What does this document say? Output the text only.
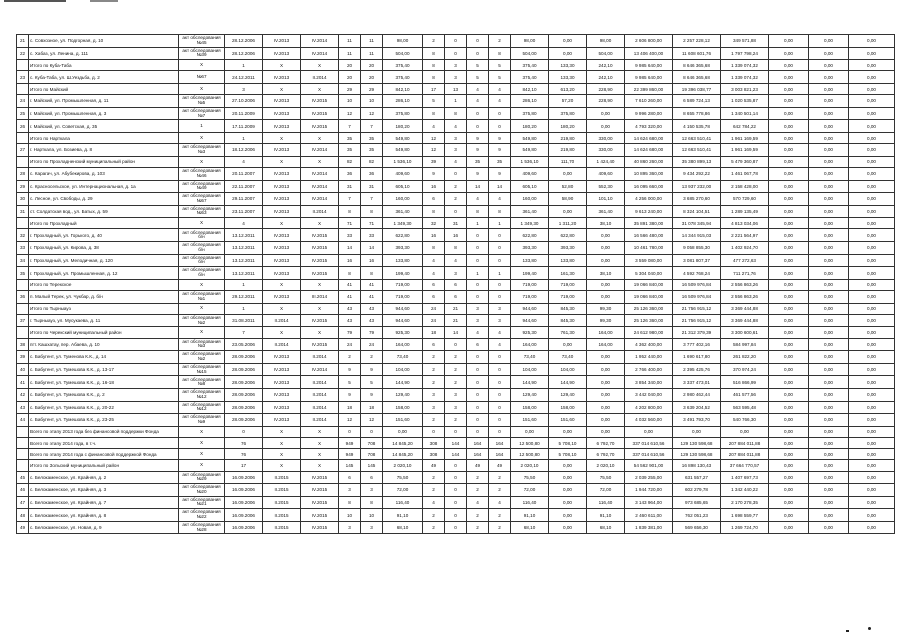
21	с. Совхозное, ул. Подгорная, д. 10	акт обследования №45	28.12.2006	IV.2013	IV.2014	11	11	98,00	2	0	0	2	98,00	0,00	98,00	2 606 800,00	2 257 228,12	349 571,88	0,00	0,00	0,00
22	с. Хабаз, ул. Ленина, д. 111	акт обследования №39	28.12.2006	IV.2013	IV.2014	11	11	504,00	8	0	0	8	504,00	0,00	504,00	13 406 400,00	11 608 601,76	1 797 798,24	0,00	0,00	0,00
	Итого по Куба-Таба	X	1	X	X	20	20	375,40	8	3	5	5	375,40	133,30	242,10	9 985 640,00	8 646 365,68	1 339 074,32	0,00	0,00	0,00
23	с. Куба-Таба, ул. Ш.Уездьба, д. 2	№67	24.12.2011	IV.2013	II.2014	20	20	375,40	8	3	5	5	375,40	133,30	242,10	9 985 640,00	8 646 365,68	1 339 074,32	0,00	0,00	0,00
	Итого по Майский	X	3	X	X	29	29	842,10	17	13	4	4	842,10	613,20	228,90	22 399 860,00	19 396 038,77	3 003 821,23	0,00	0,00	0,00
24	г. Майский, ул. Промышленная, д. 11	акт обследования №5	27.10.2006	IV.2013	IV.2015	10	10	286,10	5	1	4	4	286,10	57,20	228,90	7 610 260,00	6 589 724,13	1 020 535,87	0,00	0,00	0,00
25	г. Майский, ул. Промышленная, д. 3	акт обследования №7	20.11.2009	IV.2013	IV.2015	12	12	375,80	8	8	0	0	375,80	375,80	0,00	9 996 280,00	8 655 778,86	1 340 501,14	0,00	0,00	0,00
26	г. Майский, ул. Советская, д. 35	1	17.11.2009	IV.2013	IV.2015	7	7	180,20	4	4	0	0	180,20	180,20	0,00	4 793 320,00	4 150 535,78	642 784,22	0,00	0,00	0,00
	Итого по Нарткала	X	1	X	X	35	35	549,80	12	3	9	9	549,80	219,80	330,00	14 624 680,00	12 663 510,41	1 961 169,59	0,00	0,00	0,00
27	г. Нарткала, ул. Бозиева, д. 8	акт обследования №3	18.12.2006	IV.2013	IV.2014	35	35	549,80	12	3	9	9	549,80	219,80	330,00	14 624 680,00	12 663 510,41	1 961 169,59	0,00	0,00	0,00
	Итого по Прохладненский муниципальный район	X	4	X	X	82	82	1 536,10	39	4	35	35	1 536,10	111,70	1 424,40	40 860 260,00	35 380 899,13	5 479 360,87	0,00	0,00	0,00
28	с. Карагач, ул. Абубекирова, д. 103	акт обследования №46	20.11.2007	IV.2013	IV.2014	36	36	409,60	9	0	9	9	409,60	0,00	409,60	10 895 360,00	9 434 292,22	1 461 067,78	0,00	0,00	0,00
29	с. Красносельское, ул. Интернациональная, д. 1а	акт обследования №49	22.11.2007	IV.2013	IV.2014	31	31	605,10	16	2	14	14	605,10	52,80	552,30	16 095 660,00	13 937 232,00	2 158 428,00	0,00	0,00	0,00
30	с. Лесное, ул. Свободы, д. 29	акт обследования №57	29.11.2007	IV.2013	IV.2014	7	7	160,00	6	2	4	4	160,00	58,90	101,10	4 256 000,00	3 685 270,60	570 729,60	0,00	0,00	0,00
31	ст. Солдатская вод., ул. Батых, д. 59	акт обследования №53	23.11.2007	IV.2013	II.2014	8	8	361,40	8	0	8	8	361,40	0,00	361,40	9 613 240,00	8 324 104,51	1 289 135,49	0,00	0,00	0,00
	Итого по Прохладный	X	4	X	X	71	71	1 349,30	32	31	1	1	1 349,30	1 311,20	38,10	35 891 380,00	31 078 345,94	4 813 034,06	0,00	0,00	0,00
32	г. Прохладный, ул. Горького, д. 40	акт обследования б/н	13.12.2011	IV.2013	IV.2015	33	33	622,80	16	16	0	0	622,80	622,80	0,00	16 566 480,00	14 344 915,03	2 221 564,97	0,00	0,00	0,00
33	г. Прохладный, ул. Кирова, д. 38	акт обследования б/н	13.12.2011	IV.2013	IV.2015	14	14	393,30	8	8	0	0	393,30	393,30	0,00	10 461 780,00	9 058 855,30	1 402 924,70	0,00	0,00	0,00
34	г. Прохладный, ул. Мелодичная, д. 120	акт обследования б/н	13.12.2011	IV.2013	IV.2015	16	16	133,80	4	4	0	0	133,80	133,80	0,00	3 559 080,00	3 081 807,37	477 272,63	0,00	0,00	0,00
35	г. Прохладный, ул. Промышленная, д. 12	акт обследования б/н	13.12.2011	IV.2013	IV.2015	8	8	199,40	4	3	1	1	199,40	161,30	38,10	5 304 040,00	4 592 768,24	711 271,76	0,00	0,00	0,00
	Итого по Терекское	X	1	X	X	41	41	719,00	6	6	0	0	719,00	719,00	0,00	19 066 840,00	16 509 976,84	2 556 863,26	0,00	0,00	0,00
36	п. Малый Терек, ул. Чукбар, д. б/н	акт обследования №1	29.12.2011	IV.2013	III.2014	41	41	719,00	6	6	0	0	719,00	719,00	0,00	19 066 840,00	16 509 976,84	2 556 863,26	0,00	0,00	0,00
	Итого по Тырныауз	X	1	X	X	43	43	944,60	24	21	3	3	944,60	845,30	99,30	25 126 360,00	21 756 915,12	3 369 444,88	0,00	0,00	0,00
37	г. Тырныауз, ул. Мусукаева, д. 11	акт обследования №2	31.08.2011	II.2014	IV.2015	43	43	944,60	24	21	3	3	944,60	845,30	99,30	25 126 360,00	21 756 915,12	3 369 444,88	0,00	0,00	0,00
	Итого по Черекский муниципальный район	X	7	X	X	79	79	925,30	18	14	4	4	925,30	761,30	164,00	24 612 980,00	21 312 379,39	3 300 600,61	0,00	0,00	0,00
38	пгт. Кашхатау, пер. Абаева, д. 10	акт обследования №3	23.05.2006	II.2014	IV.2015	24	24	164,00	6	0	6	4	164,00	0,00	164,00	4 362 400,00	3 777 402,16	584 997,84	0,00	0,00	0,00
39	с. Бабугент, ул. Туменова К.К., д. 14	акт обследования №2	28.09.2006	IV.2013	II.2014	2	2	73,40	2	2	0	0	73,40	73,40	0,00	1 952 440,00	1 690 617,80	261 822,20	0,00	0,00	0,00
40	с. Бабугент, ул. Тумешова К.К., д. 13-17	акт обследования №15	28.09.2006	IV.2013	IV.2014	9	9	104,00	2	2	0	0	104,00	104,00	0,00	2 766 400,00	2 395 425,76	370 974,24	0,00	0,00	0,00
41	с. Бабугент, ул. Тумешова К.К., д. 16-18	акт обследования №8	28.09.2006	IV.2013	II.2014	5	5	144,90	2	2	0	0	144,90	144,90	0,00	3 854 340,00	3 337 473,01	516 866,99	0,00	0,00	0,00
42	с. Бабугент, ул. Тумешова К.К., д. 2	акт обследования №12	28.09.2006	IV.2013	II.2014	9	9	129,40	3	3	0	0	129,40	129,40	0,00	3 442 040,00	2 980 462,44	461 577,56	0,00	0,00	0,00
43	с. Бабугент, ул. Тумешова К.К., д. 20-22	акт обследования №12	28.09.2006	IV.2013	II.2014	18	18	158,00	3	3	0	0	158,00	158,00	0,00	4 202 800,00	3 639 204,52	563 595,48	0,00	0,00	0,00
44	с. Бабугент, ул. Тумешова К.К., д. 23-25	акт обследования №9	28.09.2006	IV.2013	II.2014	12	12	151,60	2	2	0	0	151,60	151,60	0,00	4 032 560,00	3 491 793,70	540 766,30	0,00	0,00	0,00
	Всего по этапу 2013 года без финансовой поддержки Фонда	X	0	X	X	0	0	0,00	0	0	0	0	0,00	0,00	0,00	0,00	0,00	0,00	0,00	0,00	0,00
	Всего по этапу 2014 года, в т.ч.	X	76	X	X	949	708	14 845,20	308	144	164	164	12 500,80	5 708,10	6 792,70	337 014 610,56	129 130 598,68	207 884 011,88	0,00	0,00	0,00
	Всего по этапу 2014 года с финансовой поддержкой Фонда	X	76	X	X	949	708	14 845,20	308	144	164	164	12 500,80	5 708,10	6 792,70	337 014 610,56	129 130 598,68	207 884 011,88	0,00	0,00	0,00
	Итого по Зольский муниципальный район	X	17	X	X	145	145	2 020,10	49	0	49	49	2 020,10	0,00	2 020,10	54 562 901,00	16 898 130,43	37 664 770,57	0,00	0,00	0,00
45	с. Белокаменское, ул. Крайняя, д. 2	акт обследования №29	16.09.2006	II.2015	IV.2015	6	6	75,50	2	0	2	2	75,50	0,00	75,50	2 039 255,00	631 557,27	1 407 697,73	0,00	0,00	0,00
46	с. Белокаменское, ул. Крайняя, д. 3	акт обследования №20	16.09.2006	II.2015	IV.2015	3	3	72,00	2	0	2	2	72,00	0,00	72,00	1 944 720,00	602 279,78	1 342 440,22	0,00	0,00	0,00
47	с. Белокаменское, ул. Крайняя, д. 7	акт обследования №21	16.09.2006	II.2015	IV.2015	8	8	116,40	4	0	4	4	116,40	0,00	116,40	3 143 964,00	973 685,65	2 170 278,35	0,00	0,00	0,00
48	с. Белокаменское, ул. Крайняя, д. 8	акт обследования №22	16.09.2006	II.2015	IV.2015	10	10	91,10	2	0	2	2	91,10	0,00	91,10	2 460 611,00	762 051,23	1 698 559,77	0,00	0,00	0,00
49	с. Белокаменское, ул. Новая, д. 9	акт обследования №28	16.09.2006	II.2015	IV.2015	3	3	68,10	2	0	2	2	68,10	0,00	68,10	1 839 381,00	569 656,30	1 269 724,70	0,00	0,00	0,00
